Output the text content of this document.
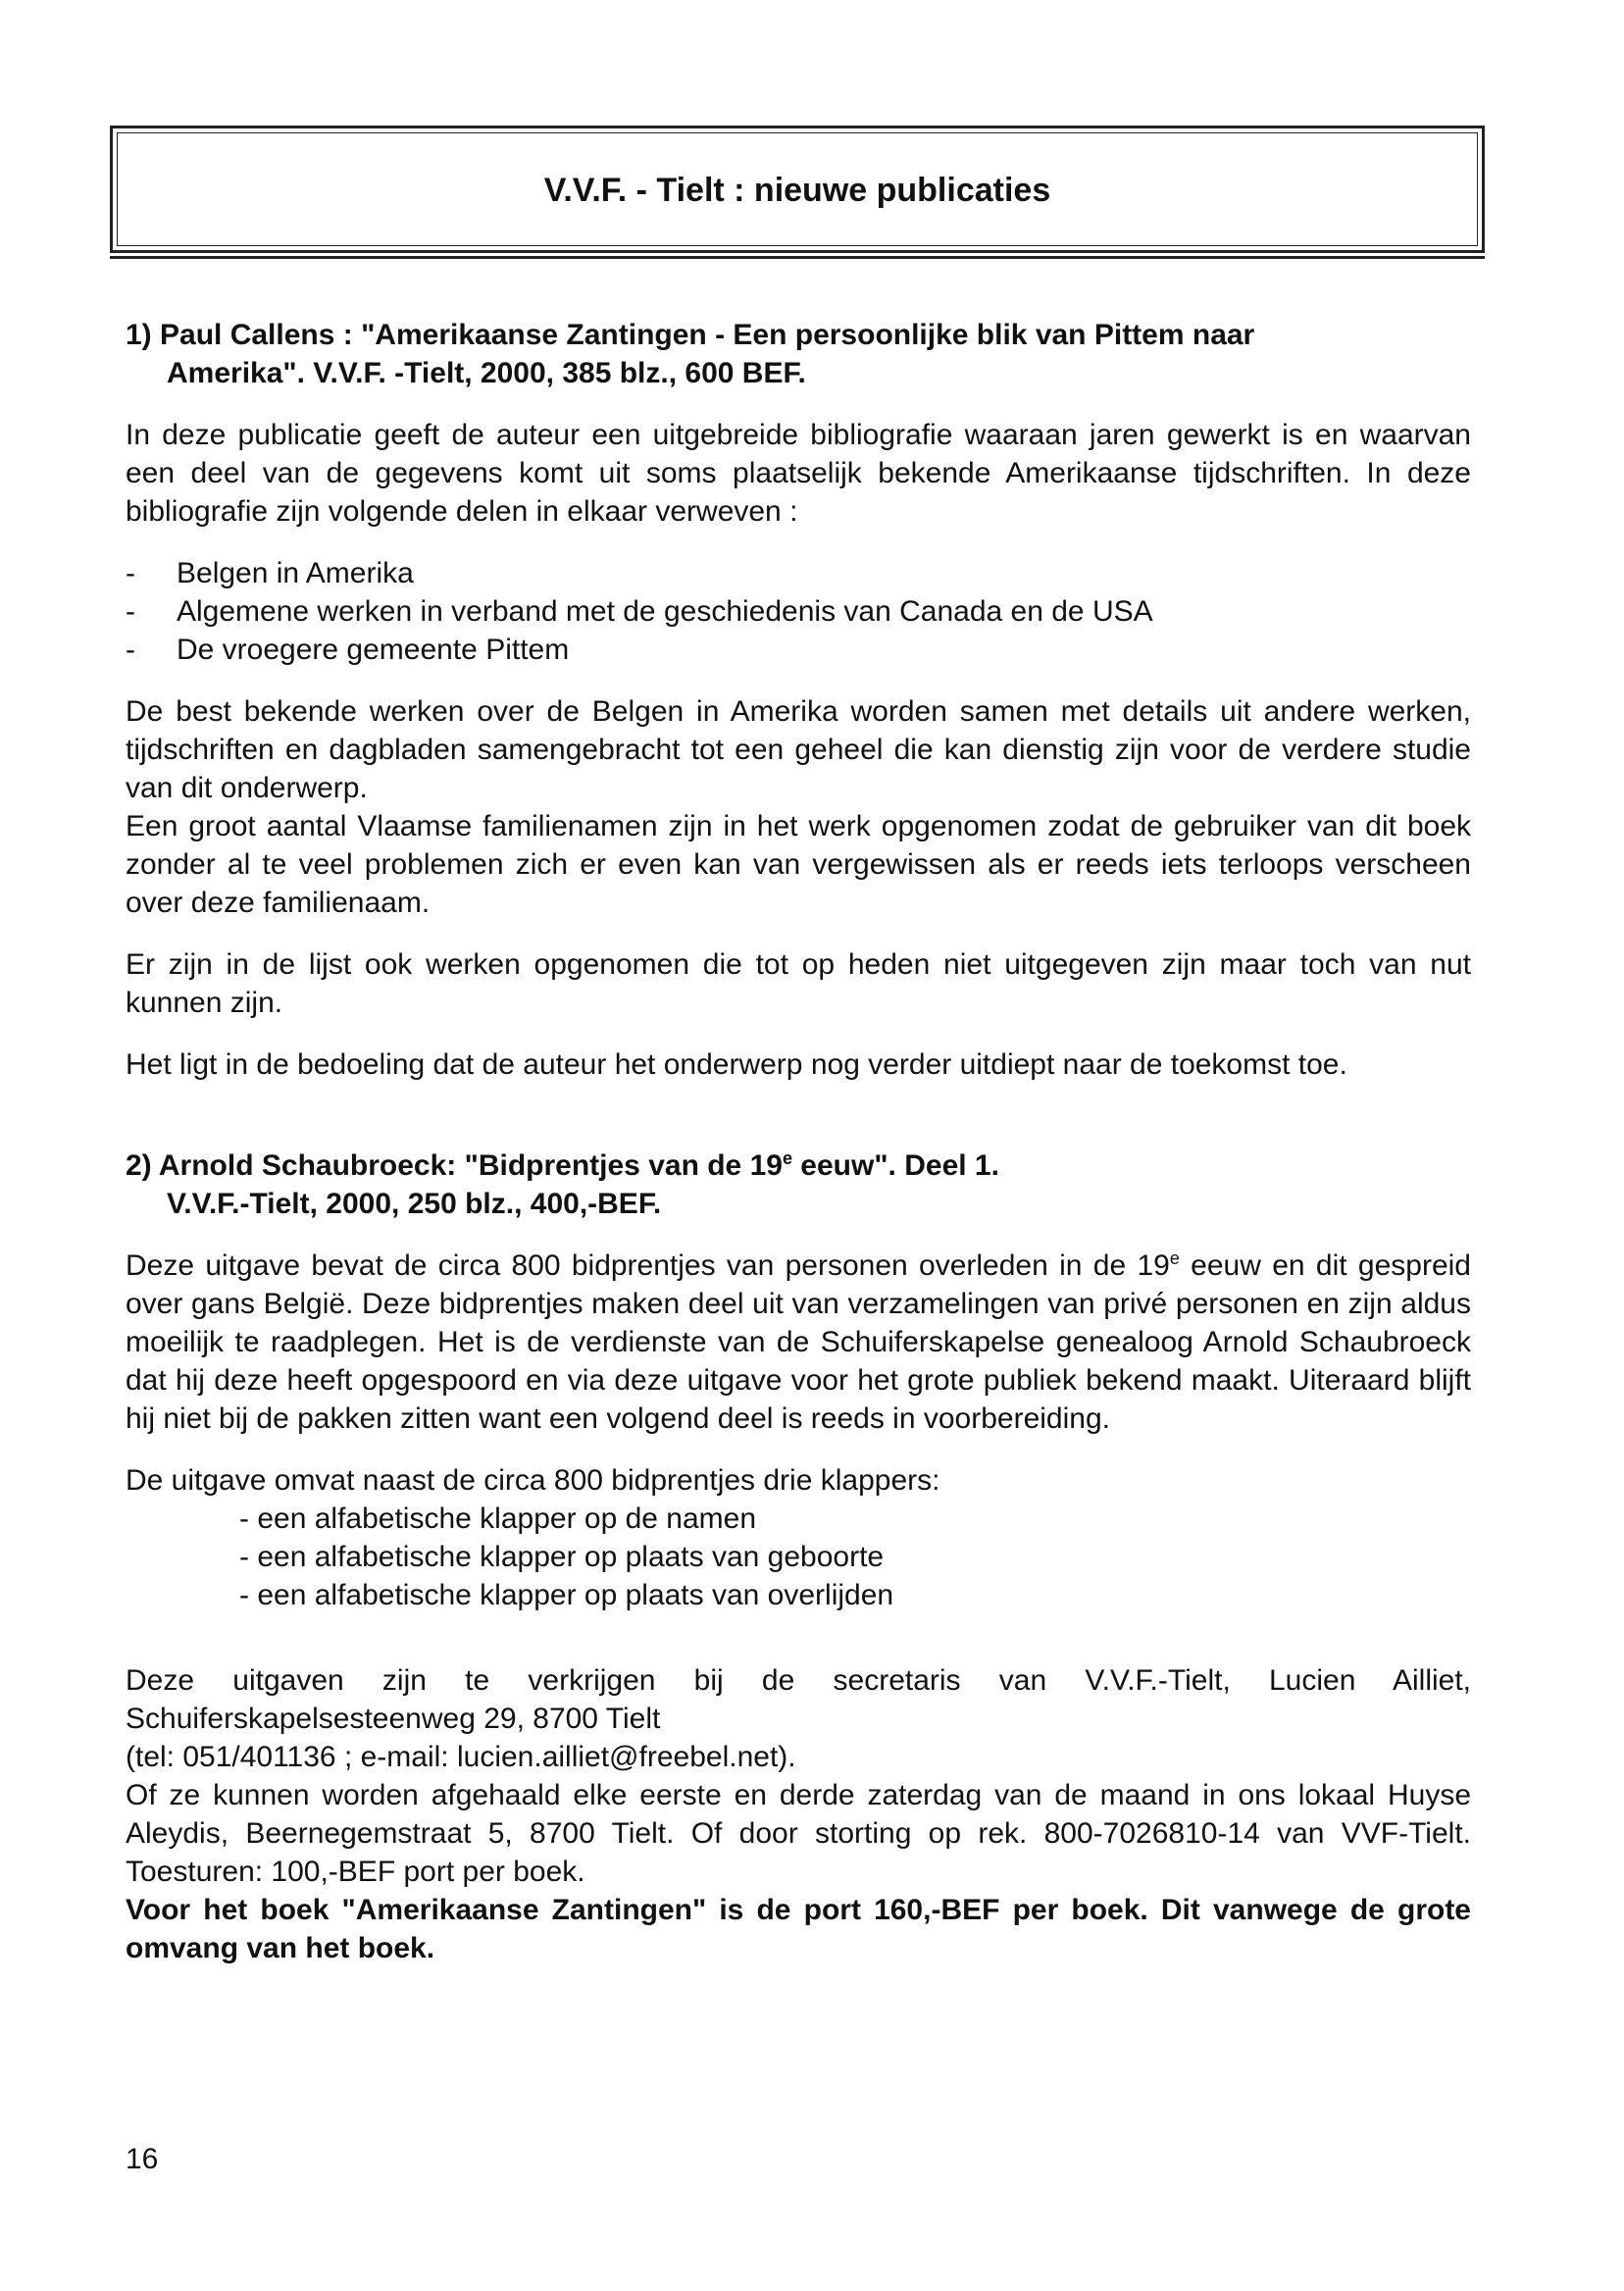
V.V.F. - Tielt : nieuwe publicaties
1) Paul Callens : "Amerikaanse Zantingen - Een persoonlijke blik van Pittem naar
Amerika". V.V.F. -Tielt, 2000, 385 blz., 600 BEF.

In deze publicatie geeft de auteur een uitgebreide bibliografie waaraan jaren gewerkt is en waarvan een deel van de gegevens komt uit soms plaatselijk bekende Amerikaanse tijdschriften. In deze bibliografie zijn volgende delen in elkaar verweven :

- Belgen in Amerika
- Algemene werken in verband met de geschiedenis van Canada en de USA
- De vroegere gemeente Pittem

De best bekende werken over de Belgen in Amerika worden samen met details uit andere werken, tijdschriften en dagbladen samengebracht tot een geheel die kan dienstig zijn voor de verdere studie van dit onderwerp.

Een groot aantal Vlaamse familienamen zijn in het werk opgenomen zodat de gebruiker van dit boek zonder al te veel problemen zich er even kan van vergewissen als er reeds iets terloops verscheen over deze familienaam.

Er zijn in de lijst ook werken opgenomen die tot op heden niet uitgegeven zijn maar toch van nut kunnen zijn.

Het ligt in de bedoeling dat de auteur het onderwerp nog verder uitdiept naar de toekomst toe.

2) Arnold Schaubroeck: "Bidprentjes van de 19e eeuw". Deel 1.
V.V.F.-Tielt, 2000, 250 blz., 400,-BEF.

Deze uitgave bevat de circa 800 bidprentjes van personen overleden in de 19e eeuw en dit gespreid over gans België. Deze bidprentjes maken deel uit van verzamelingen van privé personen en zijn aldus moeilijk te raadplegen. Het is de verdienste van de Schuiferskapelse genealoog Arnold Schaubroeck dat hij deze heeft opgespoord en via deze uitgave voor het grote publiek bekend maakt. Uiteraard blijft hij niet bij de pakken zitten want een volgend deel is reeds in voorbereiding.

De uitgave omvat naast de circa 800 bidprentjes drie klappers:

- een alfabetische klapper op de namen
- een alfabetische klapper op plaats van geboorte
- een alfabetische klapper op plaats van overlijden

Deze uitgaven zijn te verkrijgen bij de secretaris van V.V.F.-Tielt, Lucien Ailliet, Schuiferskapelsesteenweg 29, 8700 Tielt

(tel: 051/401136 ; e-mail: lucien.ailliet@freebel.net).

Of ze kunnen worden afgehaald elke eerste en derde zaterdag van de maand in ons lokaal Huyse Aleydis, Beernegemstraat 5, 8700 Tielt. Of door storting op rek. 800-7026810-14 van VVF-Tielt. Toesturen: 100,-BEF port per boek.

Voor het boek "Amerikaanse Zantingen" is de port 160,-BEF per boek. Dit vanwege de grote omvang van het boek.

16
